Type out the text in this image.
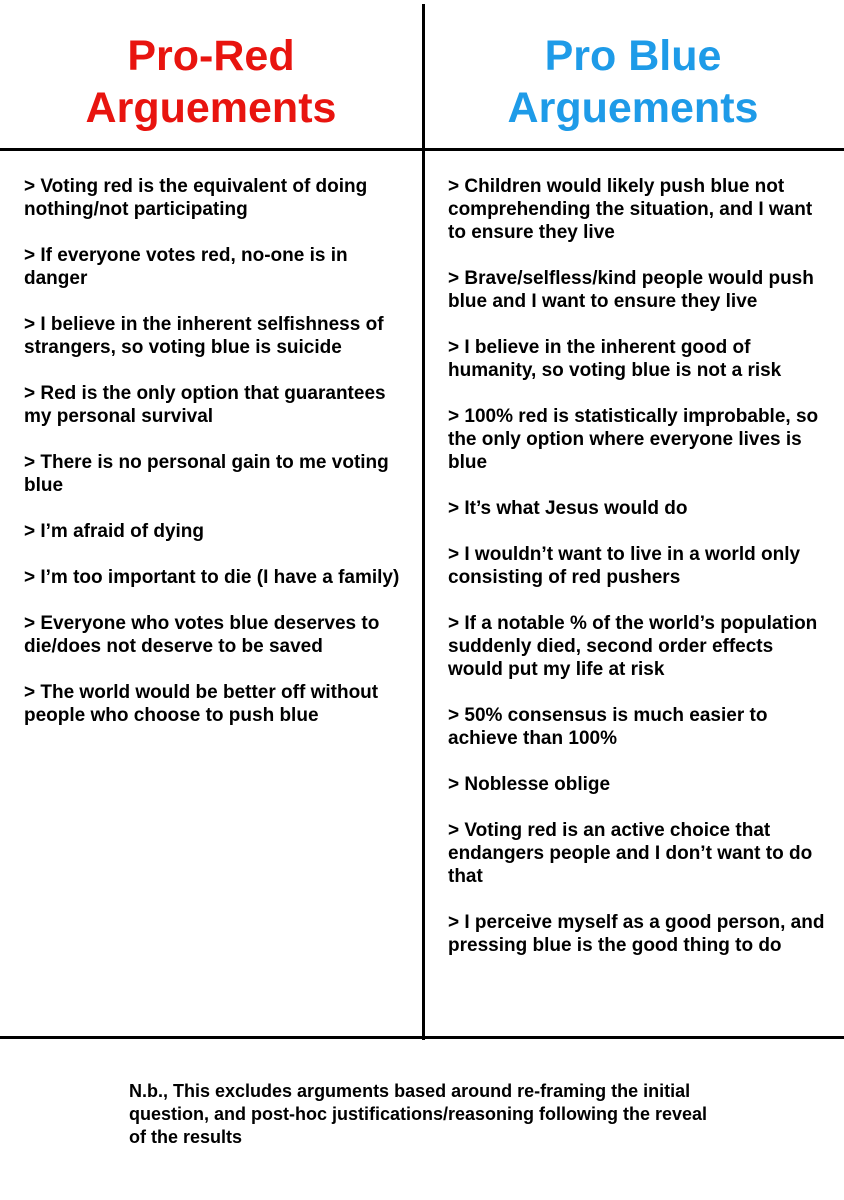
Pro-Red
Arguements
Pro Blue
Arguements
> Voting red is the equivalent of doing nothing/not participating
> If everyone votes red, no-one is in danger
> I believe in the inherent selfishness of strangers, so voting blue is suicide
> Red is the only option that guarantees my personal survival
> There is no personal gain to me voting blue
> I’m afraid of dying
> I’m too important to die (I have a family)
> Everyone who votes blue deserves to die/does not deserve to be saved
> The world would be better off without people who choose to push blue
> Children would likely push blue not comprehending the situation, and I want to ensure they live
> Brave/selfless/kind people would push blue and I want to ensure they live
> I believe in the inherent good of humanity, so voting blue is not a risk
> 100% red is statistically improbable, so the only option where everyone lives is blue
> It’s what Jesus would do
> I wouldn’t want to live in a world only consisting of red pushers
> If a notable % of the world’s population suddenly died, second order effects would put my life at risk
> 50% consensus is much easier to achieve than 100%
> Noblesse oblige
> Voting red is an active choice that endangers people and I don’t want to do that
> I perceive myself as a good person, and pressing blue is the good thing to do

N.b., This excludes arguments based around re-framing the initial question, and post-hoc justifications/reasoning following the reveal of the results
